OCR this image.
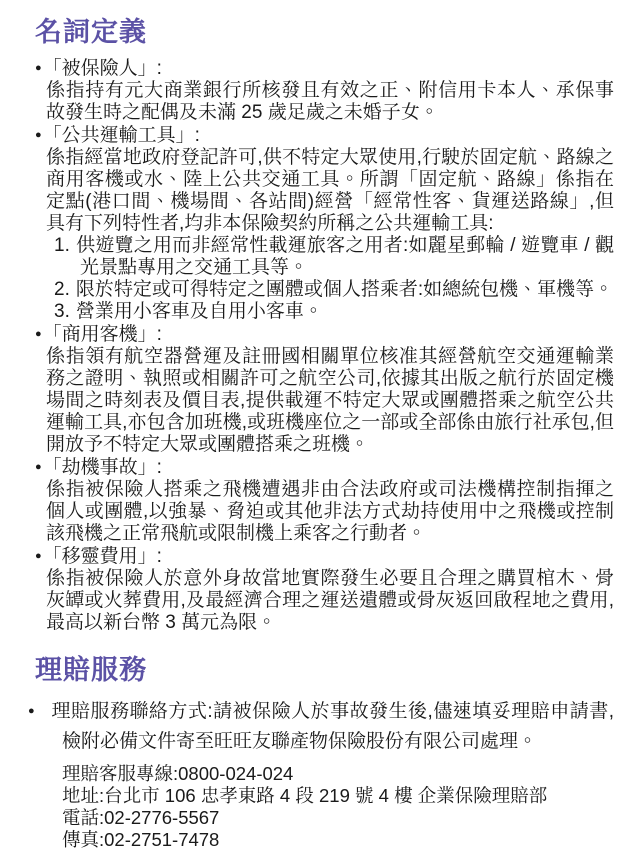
名詞定義
●「被保險人」:

係指持有元大商業銀行所核發且有效之正、附信用卡本人、承保事故發生時之配偶及未滿 25 歲足歲之未婚子女。

●「公共運輸工具」:

係指經當地政府登記許可,供不特定大眾使用,行駛於固定航、路線之商用客機或水、陸上公共交通工具。所謂「固定航、路線」係指在定點(港口間、機場間、各站間)經營「經常性客、貨運送路線」,但具有下列特性者,均非本保險契約所稱之公共運輸工具:

1. 供遊覽之用而非經常性載運旅客之用者:如麗星郵輪 / 遊覽車 / 觀光景點專用之交通工具等。
2. 限於特定或可得特定之團體或個人搭乘者:如總統包機、軍機等。
3. 營業用小客車及自用小客車。
●「商用客機」:

係指領有航空器營運及註冊國相關單位核准其經營航空交通運輸業務之證明、執照或相關許可之航空公司,依據其出版之航行於固定機場間之時刻表及價目表,提供載運不特定大眾或團體搭乘之航空公共運輸工具,亦包含加班機,或班機座位之一部或全部係由旅行社承包,但開放予不特定大眾或團體搭乘之班機。

●「劫機事故」:

係指被保險人搭乘之飛機遭遇非由合法政府或司法機構控制指揮之個人或團體,以強暴、脅迫或其他非法方式劫持使用中之飛機或控制該飛機之正常飛航或限制機上乘客之行動者。

●「移靈費用」:

係指被保險人於意外身故當地實際發生必要且合理之購買棺木、骨灰罈或火葬費用,及最經濟合理之運送遺體或骨灰返回啟程地之費用,最高以新台幣 3 萬元為限。

理賠服務
● 理賠服務聯絡方式:請被保險人於事故發生後,儘速填妥理賠申請書,檢附必備文件寄至旺旺友聯產物保險股份有限公司處理。
理賠客服專線:0800-024-024
地址:台北市 106 忠孝東路 4 段 219 號 4 樓 企業保險理賠部
電話:02-2776-5567
傳真:02-2751-7478
